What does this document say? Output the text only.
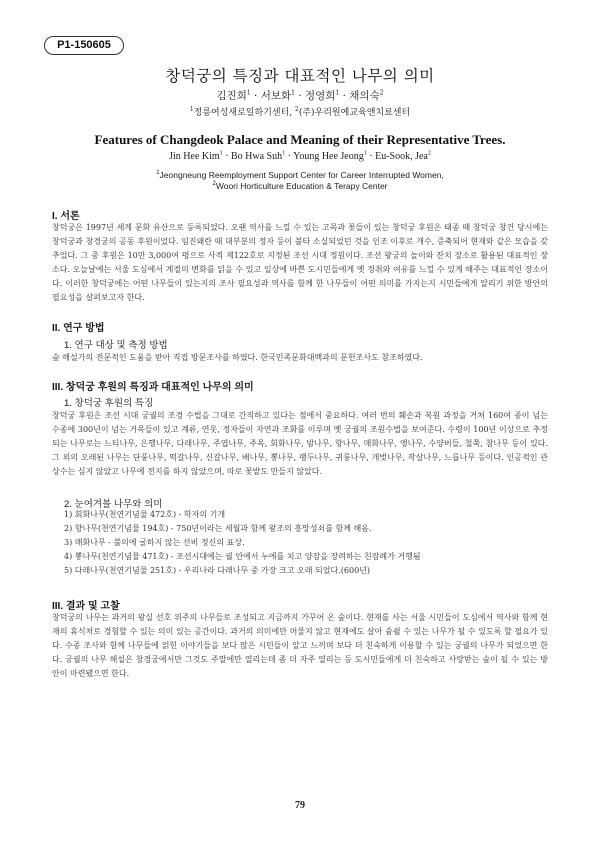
P1-150605
창덕궁의 특징과 대표적인 나무의 의미
김진희$^1$ · 서보화$^1$ · 정영희$^1$ · 채의숙$^2$
$^1$정릉여성새로일하기센터, $^2$(주)우리원예교육앤치료센터
Features of Changdeok Palace and Meaning of their Representative Trees.
Jin Hee Kim$^1$ · Bo Hwa Suh$^1$ · Young Hee Jeong$^1$ · Eu-Sook, Jea$^2$
$^1$Jeongneung Reemployment Support Center for Career Interrupted Women,
$^2$Woori Horticulture Education & Terapy Center
I. 서론
창덕궁은 1997년 세계 문화 유산으로 등록되었다. 오랜 역사를 느낄 수 있는 고목과 꽃들이 있는 창덕궁 후원은 태종 때 창덕궁 창건 당시에는 창덕궁과 창경궁의 공동 후원이었다. 임진왜란 때 대부분의 정자 등이 불타 소실되었던 것을 인조 이후로 개수, 증축되어 현재와 같은 모습을 갖추었다. 그 중 후원은 10만 3,000여 평으로 사적 제122호로 지정된 조선 시대 정원이다. 조선 왕궁의 놀이와 잔치 장소로 활용된 대표적인 장소다. 오늘날에는 서울 도심에서 계절의 변화를 읽을 수 있고 일상에 바쁜 도시민들에게 옛 정취와 여유를 느낄 수 있게 해주는 대표적인 장소이다. 이러한 창덕궁에는 어떤 나무들이 있는지의 조사 필요성과 역사를 함께 한 나무들이 어떤 의미를 가지는지 시민들에게 알리기 위한 방안의 필요성을 살펴보고자 한다.
II. 연구 방법
1. 연구 대상 및 측정 방법
숲 해설가의 전문적인 도움을 받아 직접 방문조사를 하였다. 한국민족문화대백과의 문헌조사도 참조하였다.
III. 창덕궁 후원의 특징과 대표적인 나무의 의미
1. 창덕궁 후원의 특징
창덕궁 후원은 조선 시대 궁궐의 조경 수법을 그대로 간직하고 있다는 점에서 중요하다. 여러 번의 훼손과 복원 과정을 거쳐 160여 종이 넘는 수종에 300년이 넘는 거목들이 있고 계류, 연못, 정자들이 자연과 조화를 이루며 옛 궁궐의 조원수법을 보여준다. 수령이 100년 이상으로 추정되는 나무로는 느티나무, 은행나무, 다래나무, 주엽나무, 주목, 회화나무, 밤나무, 향나무, 매화나무, 앵나무, 수양버들, 철쭉, 참나무 등이 있다. 그 외의 오래된 나무는 단풍나무, 떡갈나무, 신갈나무, 배나무, 뽕나무, 팽두나무, 귀룽나무, 개벚나무, 작살나무, 느릅나무 등이다. 인공적인 관상수는 심지 않았고 나무에 전지를 하지 않았으며, 따로 꽃밭도 만들지 않았다.
2. 눈여겨볼 나무와 의미
1) 회화나무(천연기념물 472호) - 학자의 기개
2) 향나무(천연기념물 194호) - 750년이라는 세월과 함께 왕조의 흥망성쇠를 함께 해옴.
3) 매화나무 - 불의에 굴하지 않는 선비 정신의 표상.
4) 뽕나무(천연기념물 471호) - 조선시대에는 궐 안에서 누에를 치고 양잠을 장려하는 친잠례가 거행됨
5) 다래나무(천연기념물 251호) - 우리나라 다래나무 중 가장 크고 오래 되었다.(600년)
III. 결과 및 고찰
창덕궁의 나무는 과거의 왕실 선호 위주의 나무들로 조성되고 지금까지 가꾸어 온 숲이다. 현재를 사는 서울 시민들이 도심에서 역사와 함께 현재의 휴식처로 경험할 수 있는 의미 있는 공간이다. 과거의 의미에만 머물지 않고 현재에도 살아 숨쉴 수 있는 나무가 될 수 있도록 할 필요가 있다. 수종 조사와 함께 나무들에 얽힌 이야기들을 보다 많은 시민들이 알고 느끼며 보다 더 친숙하게 이용할 수 있는 궁궐의 나무가 되었으면 한다. 궁궐의 나무 해설은 창경궁에서만 그것도 주말에만 열리는데 좀 더 자주 열리는 등 도시민들에게 더 친숙하고 사랑받는 숲이 될 수 있는 방안이 마련됐으면 한다.
79
